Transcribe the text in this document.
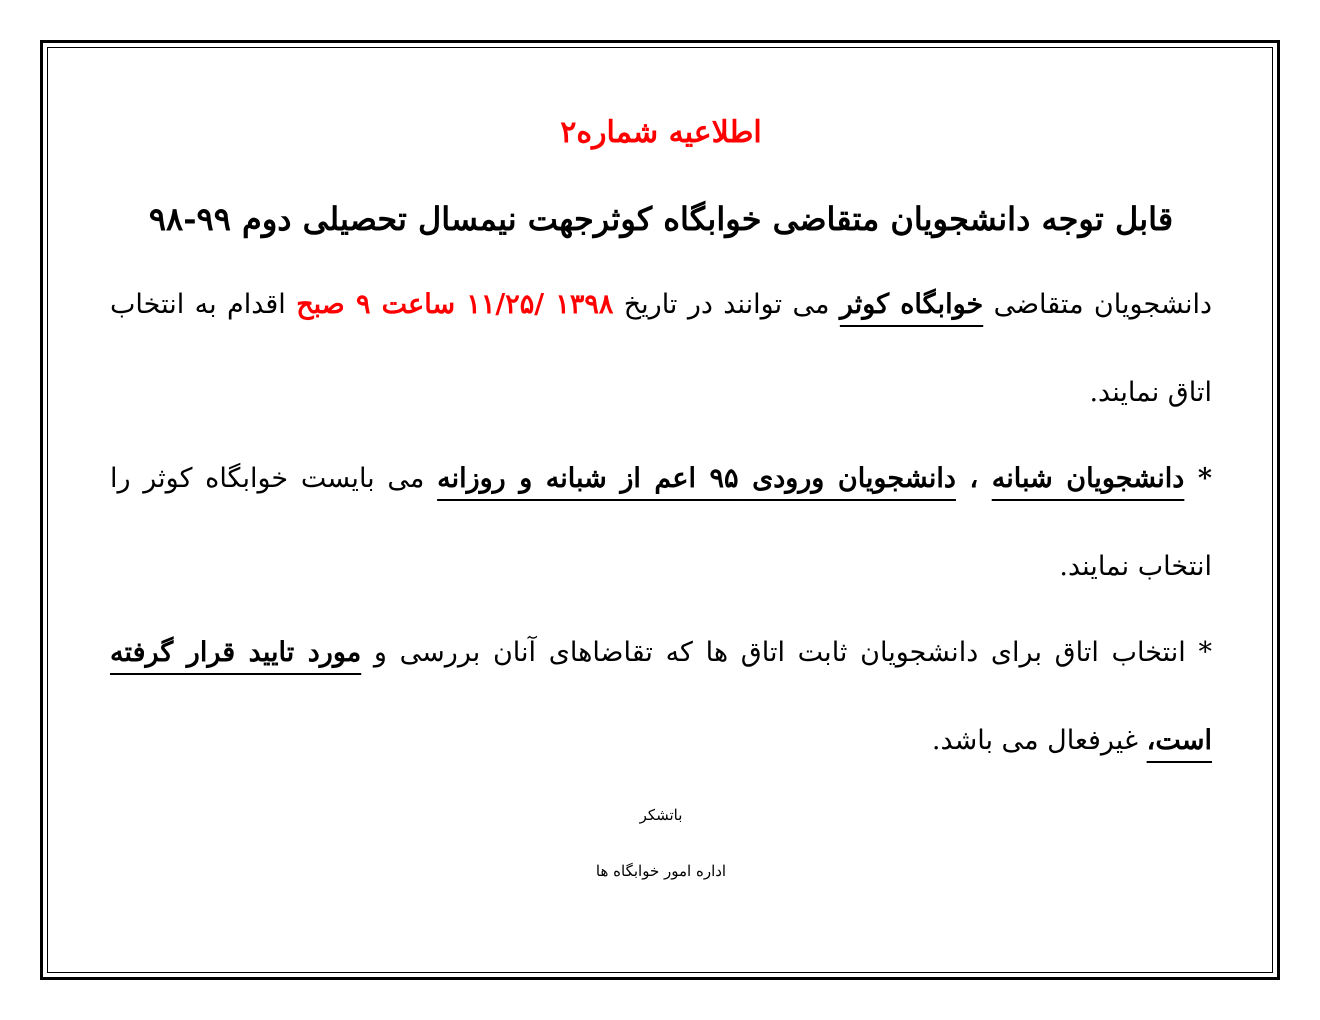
اطلاعیه شماره۲
قابل توجه دانشجویان متقاضی خوابگاه کوثرجهت نیمسال تحصیلی دوم ۹۹-۹۸
دانشجویان متقاضی خوابگاه کوثر می توانند در تاریخ ۱۳۹۸ /۱۱/۲۵ ساعت ۹ صبح اقدام به انتخاب اتاق نمایند.
* دانشجویان شبانه ، دانشجویان ورودی ۹۵ اعم از شبانه و روزانه می بایست خوابگاه کوثر را انتخاب نمایند.
* انتخاب اتاق برای دانشجویان ثابت اتاق ها که تقاضاهای آنان بررسی و مورد تایید قرار گرفته است، غیرفعال می باشد.
باتشکر
اداره امور خوابگاه ها
